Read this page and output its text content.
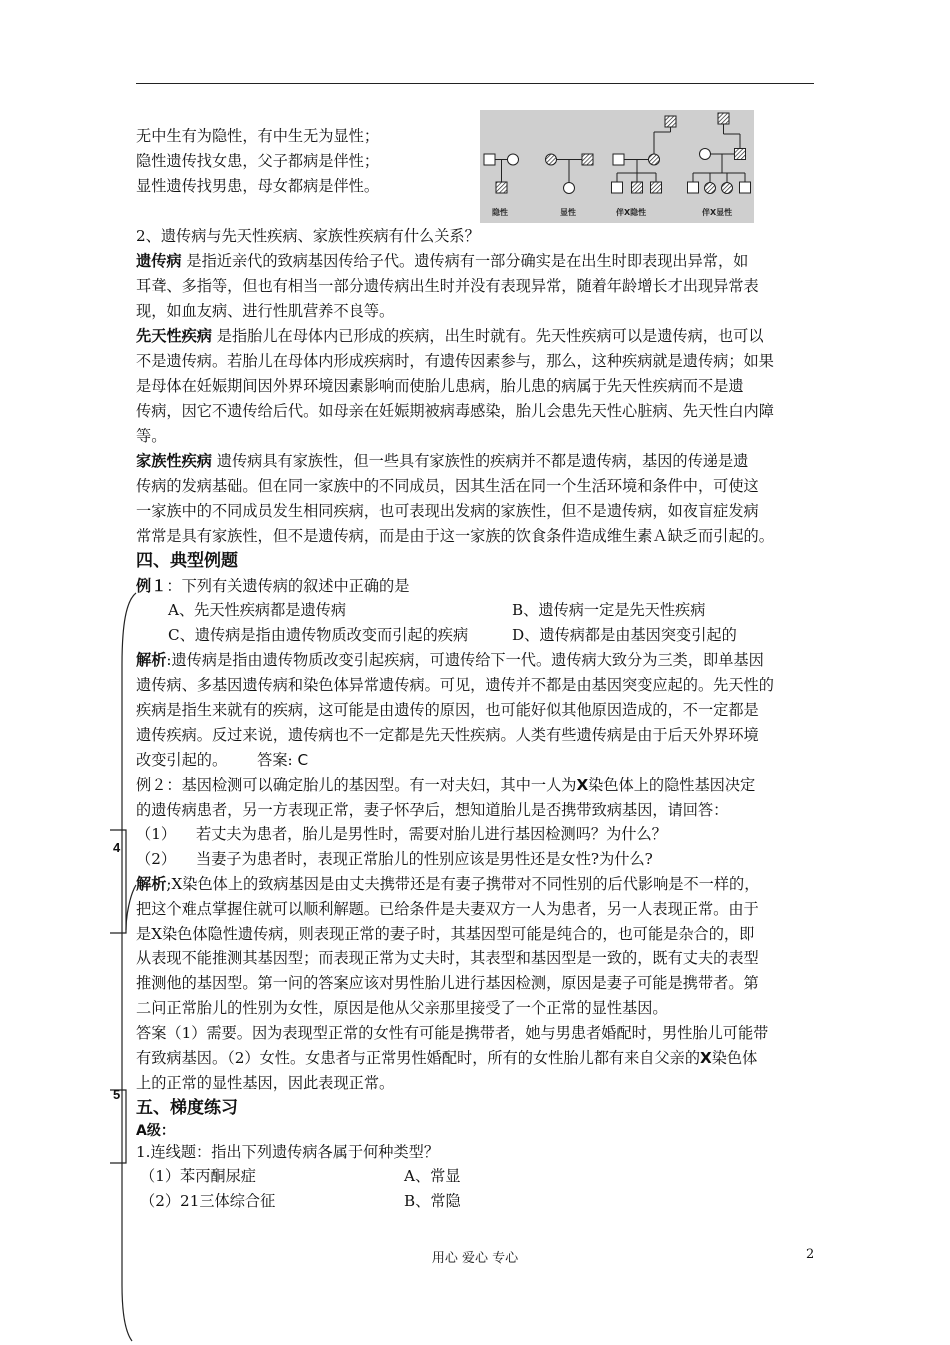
无中生有为隐性，有中生无为显性；
隐性遗传找女患，父子都病是伴性；
显性遗传找男患，母女都病是伴性。
隐性	显性	伴X隐性	伴X显性
2、遗传病与先天性疾病、家族性疾病有什么关系？
遗传病 是指近亲代的致病基因传给子代。遗传病有一部分确实是在出生时即表现出异常，如
耳聋、多指等，但也有相当一部分遗传病出生时并没有表现异常，随着年龄增长才出现异常表
现，如血友病、进行性肌营养不良等。
先天性疾病 是指胎儿在母体内已形成的疾病，出生时就有。先天性疾病可以是遗传病，也可以
不是遗传病。若胎儿在母体内形成疾病时，有遗传因素参与，那么，这种疾病就是遗传病；如果
是母体在妊娠期间因外界环境因素影响而使胎儿患病，胎儿患的病属于先天性疾病而不是遗
传病，因它不遗传给后代。如母亲在妊娠期被病毒感染，胎儿会患先天性心脏病、先天性白内障
等。
家族性疾病 遗传病具有家族性，但一些具有家族性的疾病并不都是遗传病，基因的传递是遗
传病的发病基础。但在同一家族中的不同成员，因其生活在同一个生活环境和条件中，可使这
一家族中的不同成员发生相同疾病，也可表现出发病的家族性，但不是遗传病，如夜盲症发病
常常是具有家族性，但不是遗传病，而是由于这一家族的饮食条件造成维生素Ａ缺乏而引起的。
四、典型例题
例１：下列有关遗传病的叙述中正确的是
A、先天性疾病都是遗传病	B、遗传病一定是先天性疾病
C、遗传病是指由遗传物质改变而引起的疾病	D、遗传病都是由基因突变引起的
解析:遗传病是指由遗传物质改变引起疾病，可遗传给下一代。遗传病大致分为三类，即单基因
遗传病、多基因遗传病和染色体异常遗传病。可见，遗传并不都是由基因突变应起的。先天性的
疾病是指生来就有的疾病，这可能是由遗传的原因，也可能好似其他原因造成的，不一定都是
遗传疾病。反过来说，遗传病也不一定都是先天性疾病。人类有些遗传病是由于后天外界环境
改变引起的。 答案: C
例２：基因检测可以确定胎儿的基因型。有一对夫妇，其中一人为X染色体上的隐性基因决定
的遗传病患者，另一方表现正常，妻子怀孕后，想知道胎儿是否携带致病基因，请回答：
（1） 若丈夫为患者，胎儿是男性时，需要对胎儿进行基因检测吗？为什么？
（2） 当妻子为患者时，表现正常胎儿的性别应该是男性还是女性?为什么?
解析;X染色体上的致病基因是由丈夫携带还是有妻子携带对不同性别的后代影响是不一样的，
把这个难点掌握住就可以顺利解题。已给条件是夫妻双方一人为患者，另一人表现正常。由于
是X染色体隐性遗传病，则表现正常的妻子时，其基因型可能是纯合的，也可能是杂合的，即
从表现不能推测其基因型；而表现正常为丈夫时，其表型和基因型是一致的，既有丈夫的表型
推测他的基因型。第一问的答案应该对男性胎儿进行基因检测，原因是妻子可能是携带者。第
二问正常胎儿的性别为女性，原因是他从父亲那里接受了一个正常的显性基因。
答案（1）需要。因为表现型正常的女性有可能是携带者，她与男患者婚配时，男性胎儿可能带
有致病基因。（2）女性。女患者与正常男性婚配时，所有的女性胎儿都有来自父亲的X染色体
上的正常的显性基因，因此表现正常。
五、梯度练习
A级：
1.连线题：指出下列遗传病各属于何种类型？
（1）苯丙酮尿症	A、常显
（2）21三体综合征	B、常隐
4
5
用心 爱心 专心	2
